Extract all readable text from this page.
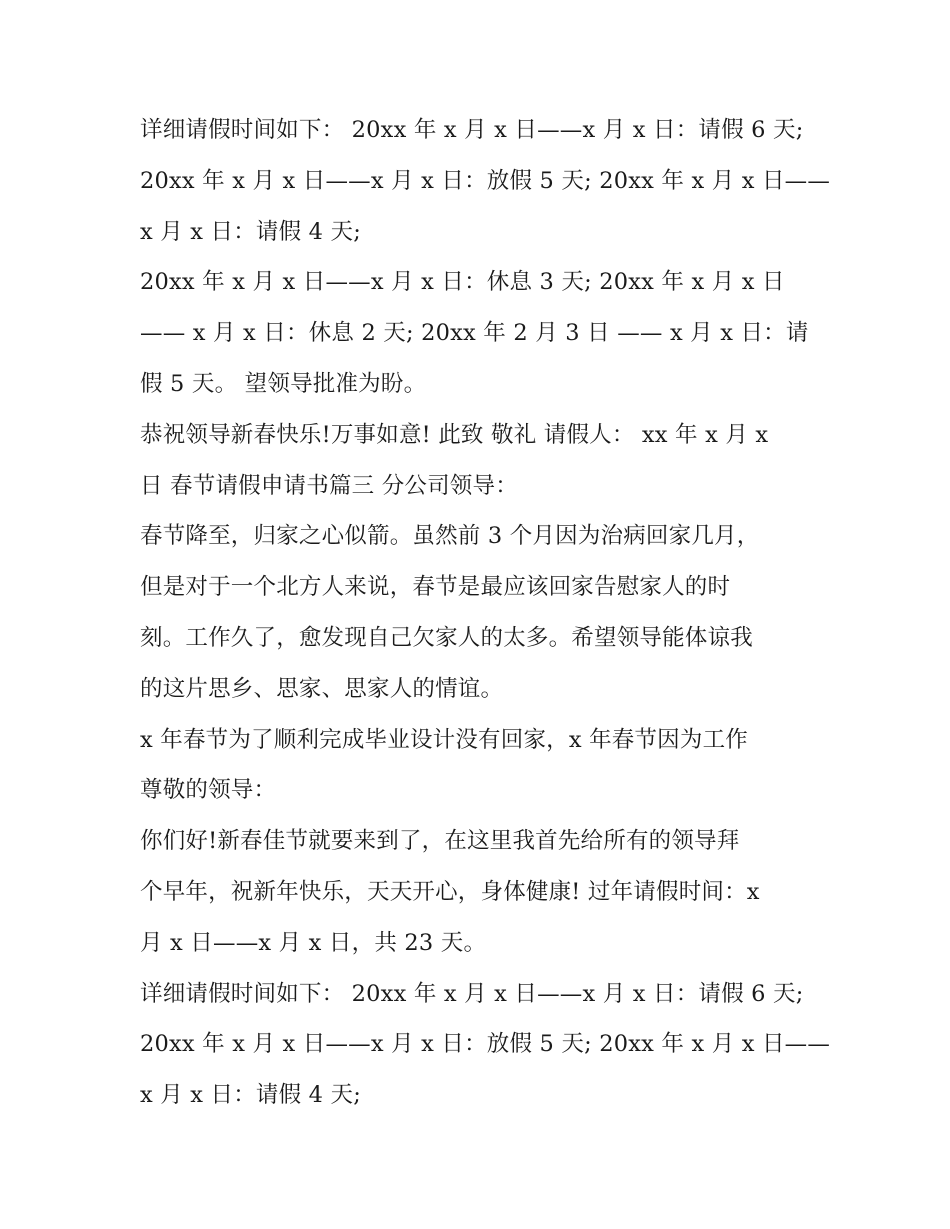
详细请假时间如下： 20xx 年 x 月 x 日——x 月 x 日：请假 6 天;
20xx 年 x 月 x 日——x 月 x 日：放假 5 天; 20xx 年 x 月 x 日——
x 月 x 日：请假 4 天;
20xx 年 x 月 x 日——x 月 x 日：休息 3 天; 20xx 年 x 月 x 日
—— x 月 x 日：休息 2 天; 20xx 年 2 月 3 日 —— x 月 x 日：请
假 5 天。 望领导批准为盼。
恭祝领导新春快乐!万事如意! 此致 敬礼 请假人： xx 年 x 月 x
日 春节请假申请书篇三 分公司领导：
春节降至，归家之心似箭。虽然前 3 个月因为治病回家几月，
但是对于一个北方人来说，春节是最应该回家告慰家人的时
刻。工作久了，愈发现自己欠家人的太多。希望领导能体谅我
的这片思乡、思家、思家人的情谊。
x 年春节为了顺利完成毕业设计没有回家，x 年春节因为工作
尊敬的领导：
你们好!新春佳节就要来到了，在这里我首先给所有的领导拜
个早年，祝新年快乐，天天开心，身体健康! 过年请假时间：x
月 x 日——x 月 x 日，共 23 天。
详细请假时间如下： 20xx 年 x 月 x 日——x 月 x 日：请假 6 天;
20xx 年 x 月 x 日——x 月 x 日：放假 5 天; 20xx 年 x 月 x 日——
x 月 x 日：请假 4 天;
